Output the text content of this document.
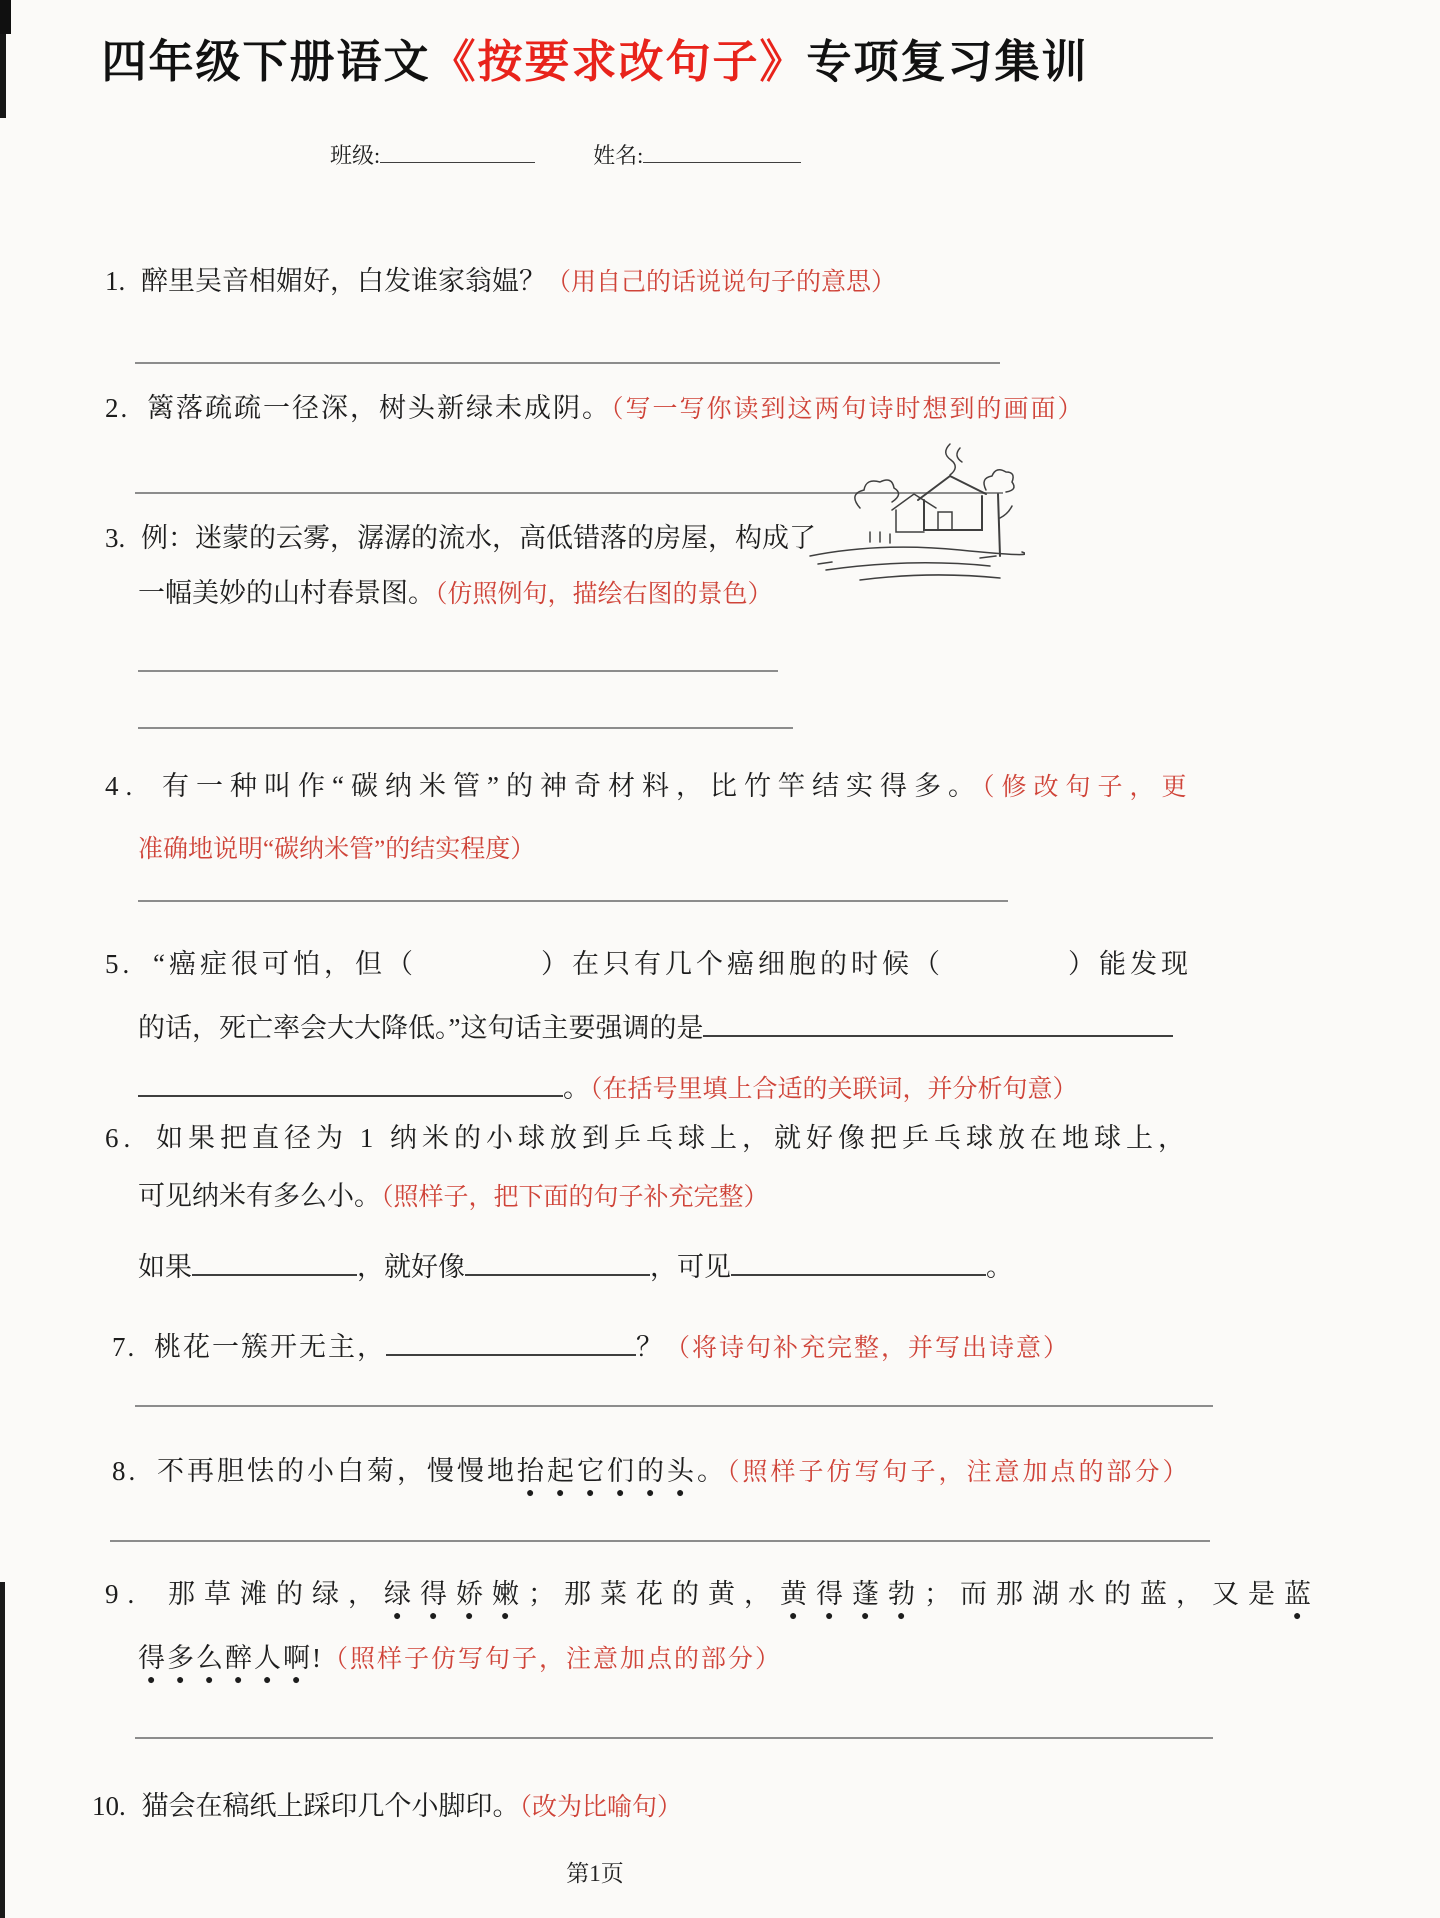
四年级下册语文《按要求改句子》专项复习集训
班级:	姓名:
1. 醉里吴音相媚好，白发谁家翁媪？（用自己的话说说句子的意思）
2. 篱落疏疏一径深，树头新绿未成阴。（写一写你读到这两句诗时想到的画面）
3. 例：迷蒙的云雾，潺潺的流水，高低错落的房屋，构成了
一幅美妙的山村春景图。（仿照例句，描绘右图的景色）
4. 有一种叫作“碳纳米管”的神奇材料，比竹竿结实得多。（修改句子，更
准确地说明“碳纳米管”的结实程度）
5. “癌症很可怕，但（　　　　）在只有几个癌细胞的时候（　　　　）能发现
的话，死亡率会大大降低。”这句话主要强调的是
。（在括号里填上合适的关联词，并分析句意）
6. 如果把直径为 1 纳米的小球放到乒乓球上，就好像把乒乓球放在地球上，
可见纳米有多么小。（照样子，把下面的句子补充完整）
如果	，就好像	，可见	。
7. 桃花一簇开无主，	？（将诗句补充完整，并写出诗意）
8. 不再胆怯的小白菊，慢慢地抬起它们的头。（照样子仿写句子，注意加点的部分）
9. 那草滩的绿，绿得娇嫩；那菜花的黄，黄得蓬勃；而那湖水的蓝，又是蓝
得多么醉人啊!（照样子仿写句子，注意加点的部分）
10. 猫会在稿纸上踩印几个小脚印。（改为比喻句）
第1页
